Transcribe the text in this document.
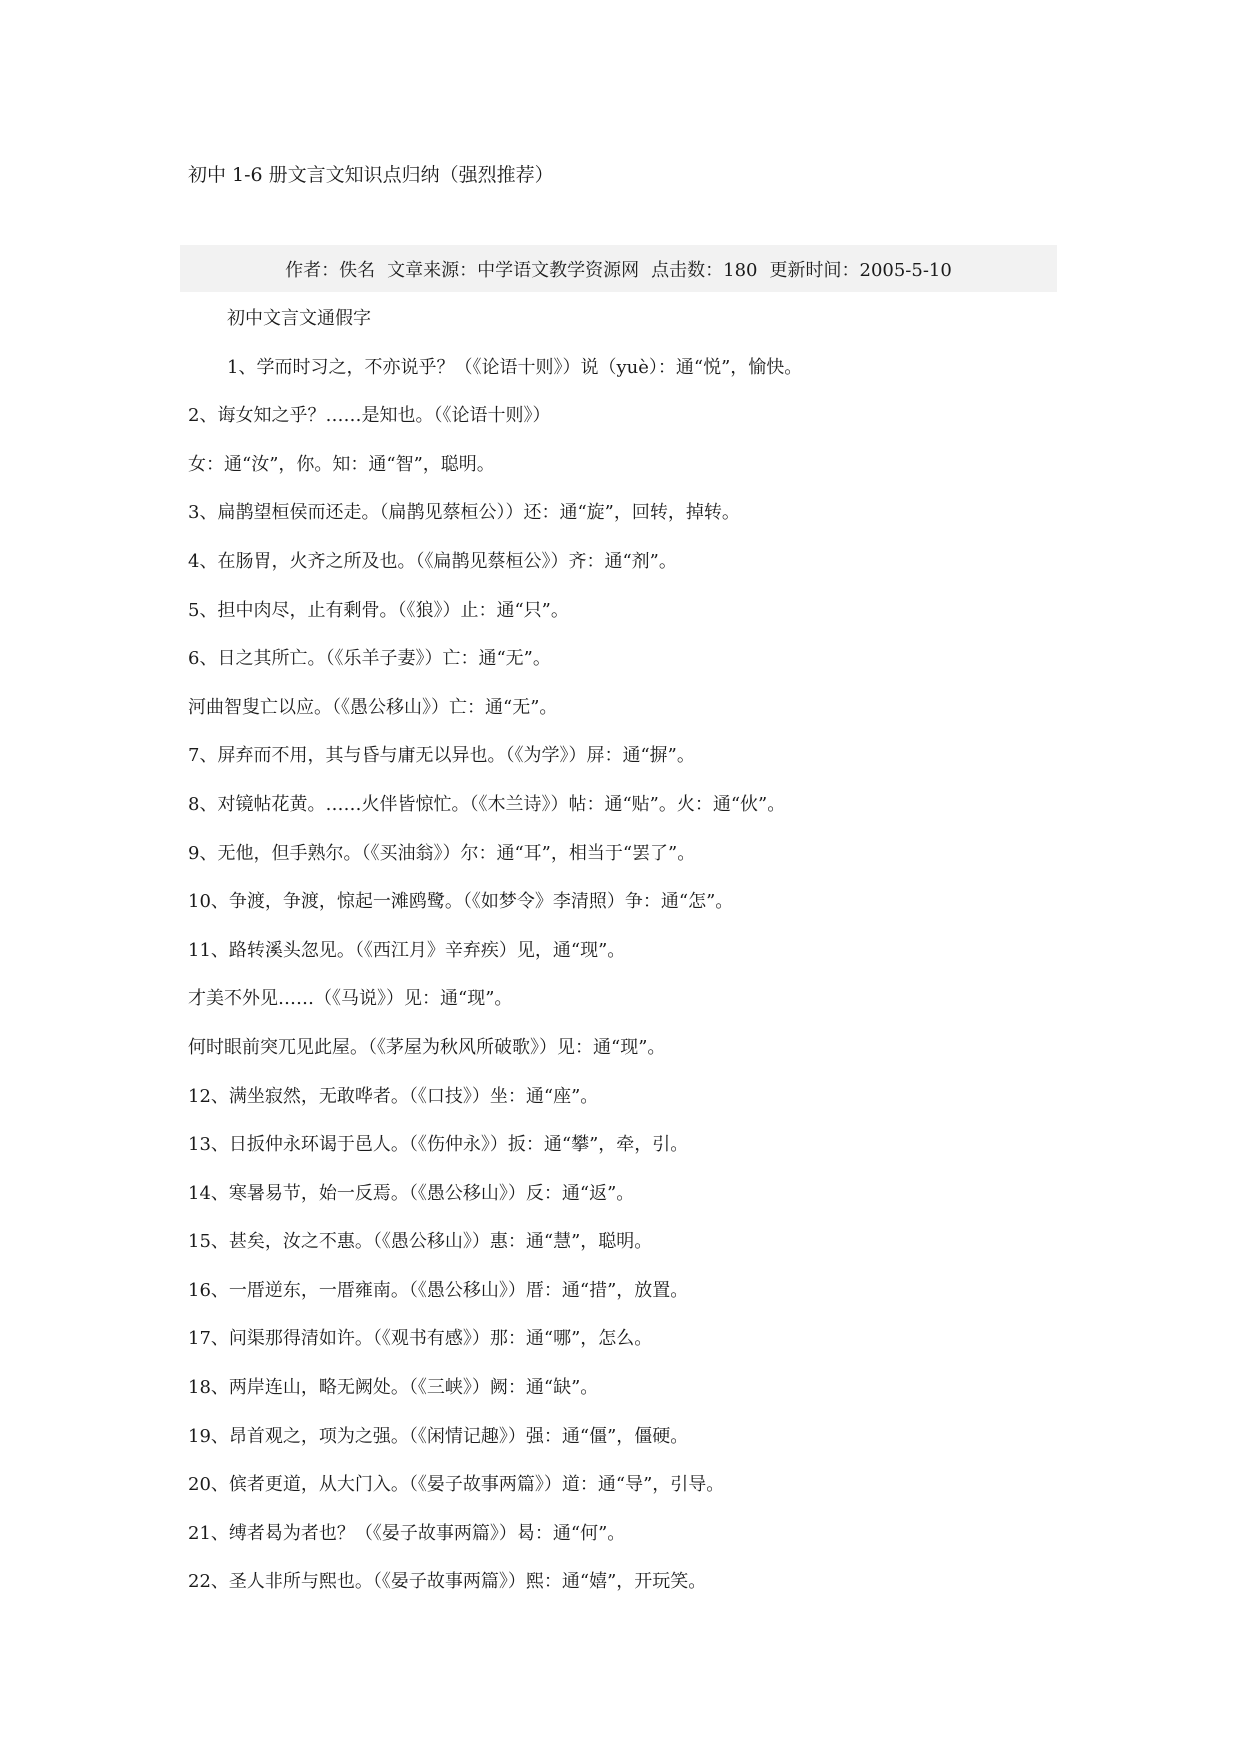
初中 1-6 册文言文知识点归纳（强烈推荐）
作者：佚名 文章来源：中学语文教学资源网 点击数：180 更新时间：2005-5-10
初中文言文通假字
1、学而时习之，不亦说乎？（《论语十则》）说（yuè）：通“悦”，愉快。
2、诲女知之乎？……是知也。（《论语十则》）
女：通“汝”，你。知：通“智”，聪明。
3、扁鹊望桓侯而还走。（扁鹊见蔡桓公））还：通“旋”，回转，掉转。
4、在肠胃，火齐之所及也。（《扁鹊见蔡桓公》）齐：通“剂”。
5、担中肉尽，止有剩骨。（《狼》）止：通“只”。
6、日之其所亡。（《乐羊子妻》）亡：通“无”。
河曲智叟亡以应。（《愚公移山》）亡：通“无”。
7、屏弃而不用，其与昏与庸无以异也。（《为学》）屏：通“摒”。
8、对镜帖花黄。……火伴皆惊忙。（《木兰诗》）帖：通“贴”。火：通“伙”。
9、无他，但手熟尔。（《买油翁》）尔：通“耳”，相当于“罢了”。
10、争渡，争渡，惊起一滩鸥鹭。（《如梦令》李清照）争：通“怎”。
11、路转溪头忽见。（《西江月》辛弃疾）见，通“现”。
才美不外见……（《马说》）见：通“现”。
何时眼前突兀见此屋。（《茅屋为秋风所破歌》）见：通“现”。
12、满坐寂然，无敢哗者。（《口技》）坐：通“座”。
13、日扳仲永环谒于邑人。（《伤仲永》）扳：通“攀”，牵，引。
14、寒暑易节，始一反焉。（《愚公移山》）反：通“返”。
15、甚矣，汝之不惠。（《愚公移山》）惠：通“慧”，聪明。
16、一厝逆东，一厝雍南。（《愚公移山》）厝：通“措”，放置。
17、问渠那得清如许。（《观书有感》）那：通“哪”，怎么。
18、两岸连山，略无阙处。（《三峡》）阙：通“缺”。
19、昂首观之，项为之强。（《闲情记趣》）强：通“僵”，僵硬。
20、傧者更道，从大门入。（《晏子故事两篇》）道：通“导”，引导。
21、缚者曷为者也？（《晏子故事两篇》）曷：通“何”。
22、圣人非所与熙也。（《晏子故事两篇》）熙：通“嬉”，开玩笑。
